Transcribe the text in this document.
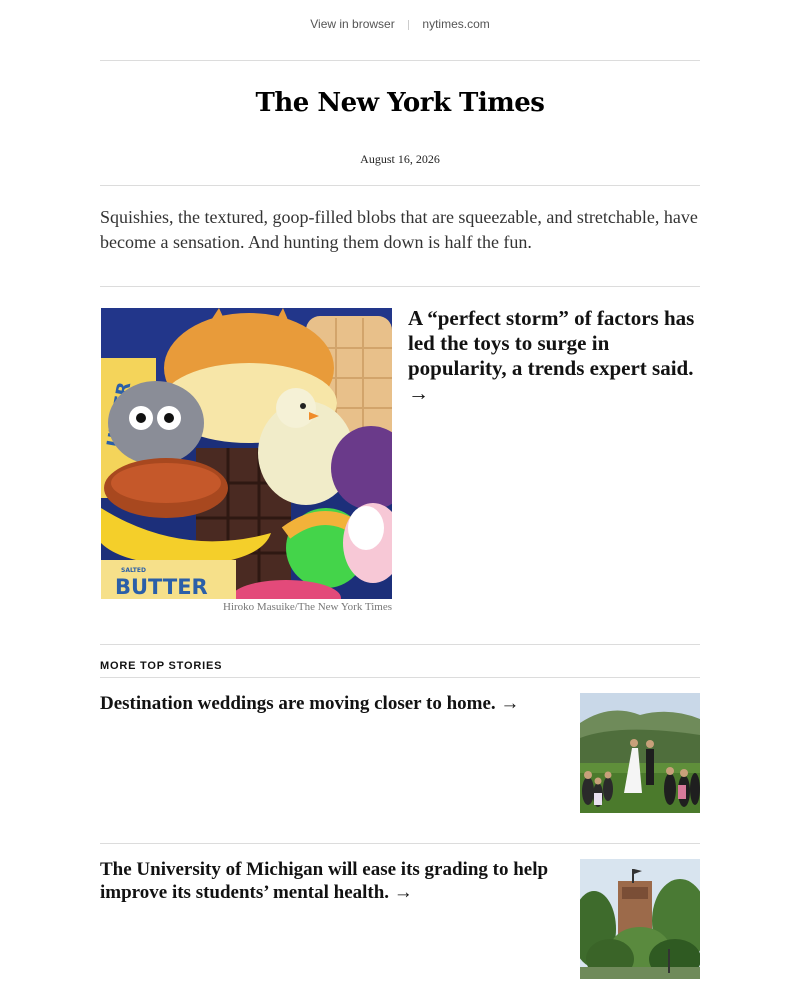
View in browser nytimes.com
The New York Times
August 16, 2026

Squishies, the textured, goop-filled blobs that are squeezable, and stretchable, have become a sensation. And hunting them down is half the fun.

SALTED
BUTTER
Hiroko Masuike/The New York Times
A “perfect storm” of factors has led the toys to surge in popularity, a trends expert said. →
MORE TOP STORIES
Destination weddings are moving closer to home. →
The University of Michigan will ease its grading to help improve its students’ mental health. →
